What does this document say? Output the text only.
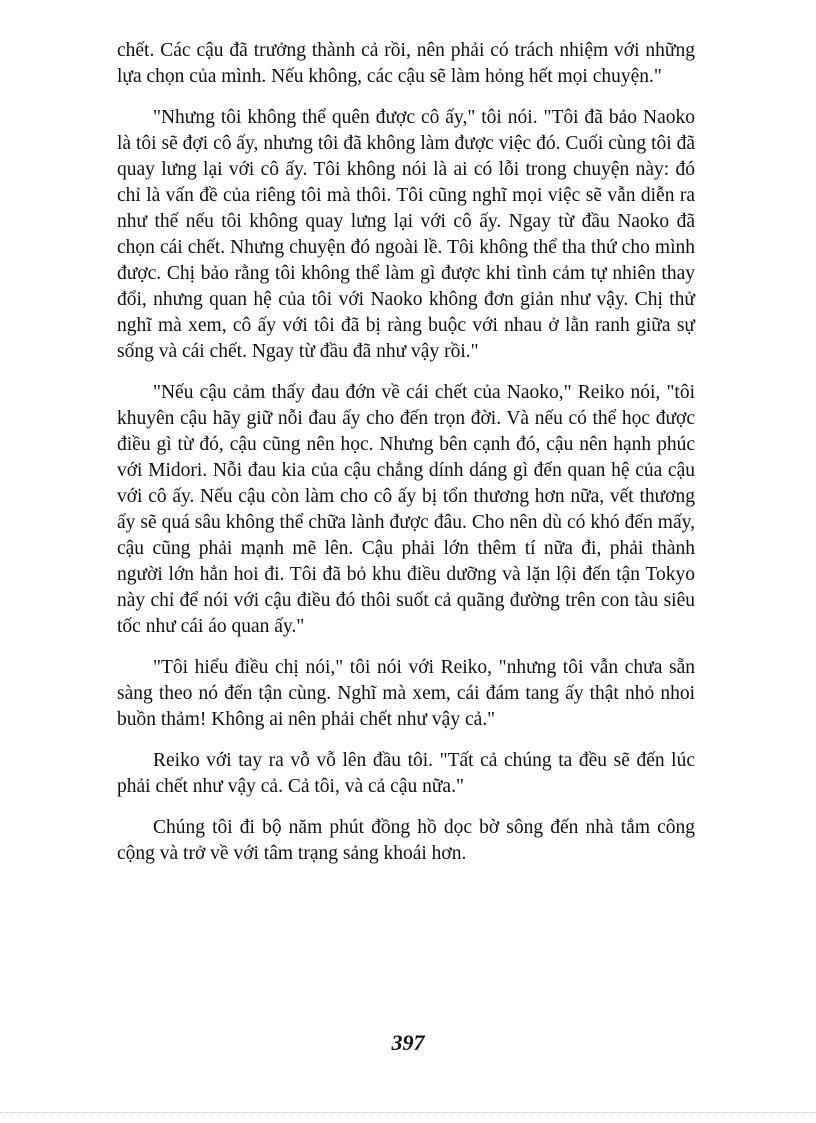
chết. Các cậu đã trưởng thành cả rồi, nên phải có trách nhiệm với những lựa chọn của mình. Nếu không, các cậu sẽ làm hỏng hết mọi chuyện."

"Nhưng tôi không thể quên được cô ấy," tôi nói. "Tôi đã bảo Naoko là tôi sẽ đợi cô ấy, nhưng tôi đã không làm được việc đó. Cuối cùng tôi đã quay lưng lại với cô ấy. Tôi không nói là ai có lỗi trong chuyện này: đó chỉ là vấn đề của riêng tôi mà thôi. Tôi cũng nghĩ mọi việc sẽ vẫn diễn ra như thế nếu tôi không quay lưng lại với cô ấy. Ngay từ đầu Naoko đã chọn cái chết. Nhưng chuyện đó ngoài lề. Tôi không thể tha thứ cho mình được. Chị bảo rằng tôi không thể làm gì được khi tình cảm tự nhiên thay đổi, nhưng quan hệ của tôi với Naoko không đơn giản như vậy. Chị thử nghĩ mà xem, cô ấy với tôi đã bị ràng buộc với nhau ở lằn ranh giữa sự sống và cái chết. Ngay từ đầu đã như vậy rồi."

"Nếu cậu cảm thấy đau đớn về cái chết của Naoko," Reiko nói, "tôi khuyên cậu hãy giữ nỗi đau ấy cho đến trọn đời. Và nếu có thể học được điều gì từ đó, cậu cũng nên học. Nhưng bên cạnh đó, cậu nên hạnh phúc với Midori. Nỗi đau kia của cậu chẳng dính dáng gì đến quan hệ của cậu với cô ấy. Nếu cậu còn làm cho cô ấy bị tổn thương hơn nữa, vết thương ấy sẽ quá sâu không thể chữa lành được đâu. Cho nên dù có khó đến mấy, cậu cũng phải mạnh mẽ lên. Cậu phải lớn thêm tí nữa đi, phải thành người lớn hẳn hoi đi. Tôi đã bỏ khu điều dưỡng và lặn lội đến tận Tokyo này chỉ để nói với cậu điều đó thôi suốt cả quãng đường trên con tàu siêu tốc như cái áo quan ấy."

"Tôi hiểu điều chị nói," tôi nói với Reiko, "nhưng tôi vẫn chưa sẵn sàng theo nó đến tận cùng. Nghĩ mà xem, cái đám tang ấy thật nhỏ nhoi buồn thảm! Không ai nên phải chết như vậy cả."

Reiko với tay ra vỗ vỗ lên đầu tôi. "Tất cả chúng ta đều sẽ đến lúc phải chết như vậy cả. Cả tôi, và cả cậu nữa."

Chúng tôi đi bộ năm phút đồng hồ dọc bờ sông đến nhà tắm công cộng và trở về với tâm trạng sảng khoái hơn.

397
